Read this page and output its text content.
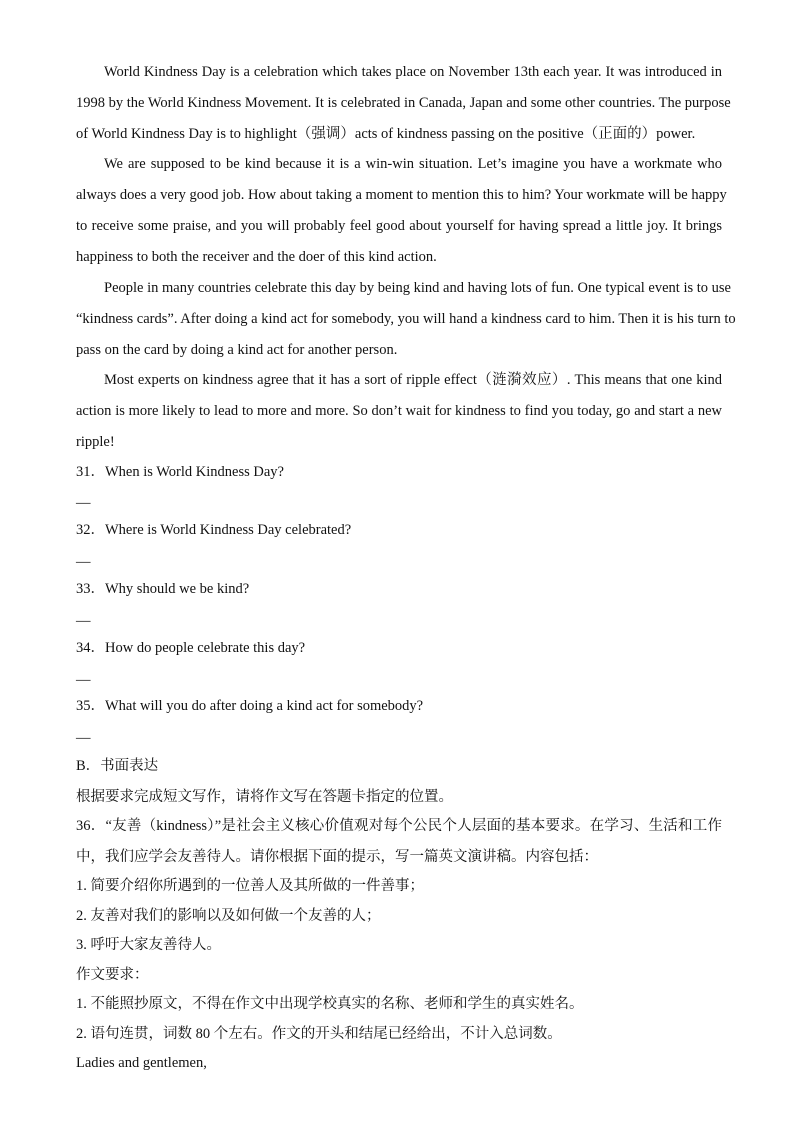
World Kindness Day is a celebration which takes place on November 13th each year. It was introduced in
1998 by the World Kindness Movement. It is celebrated in Canada, Japan and some other countries. The purpose
of World Kindness Day is to highlight（强调）acts of kindness passing on the positive（正面的）power.
We are supposed to be kind because it is a win-win situation. Let’s imagine you have a workmate who
always does a very good job. How about taking a moment to mention this to him? Your workmate will be happy
to receive some praise, and you will probably feel good about yourself for having spread a little joy. It brings
happiness to both the receiver and the doer of this kind action.
People in many countries celebrate this day by being kind and having lots of fun. One typical event is to use
“kindness cards”. After doing a kind act for somebody, you will hand a kindness card to him. Then it is his turn to
pass on the card by doing a kind act for another person.
Most experts on kindness agree that it has a sort of ripple effect（涟漪效应）. This means that one kind
action is more likely to lead to more and more. So don’t wait for kindness to find you today, go and start a new
ripple!
31．When is World Kindness Day?
—
32．Where is World Kindness Day celebrated?
—
33．Why should we be kind?
—
34．How do people celebrate this day?
—
35．What will you do after doing a kind act for somebody?
—
B．书面表达
根据要求完成短文写作，请将作文写在答题卡指定的位置。
36．“友善（kindness）”是社会主义核心价值观对每个公民个人层面的基本要求。在学习、生活和工作
中，我们应学会友善待人。请你根据下面的提示，写一篇英文演讲稿。内容包括：
1. 简要介绍你所遇到的一位善人及其所做的一件善事；
2. 友善对我们的影响以及如何做一个友善的人；
3. 呼吁大家友善待人。
作文要求：
1. 不能照抄原文，不得在作文中出现学校真实的名称、老师和学生的真实姓名。
2. 语句连贯，词数 80 个左右。作文的开头和结尾已经给出，不计入总词数。
Ladies and gentlemen,
